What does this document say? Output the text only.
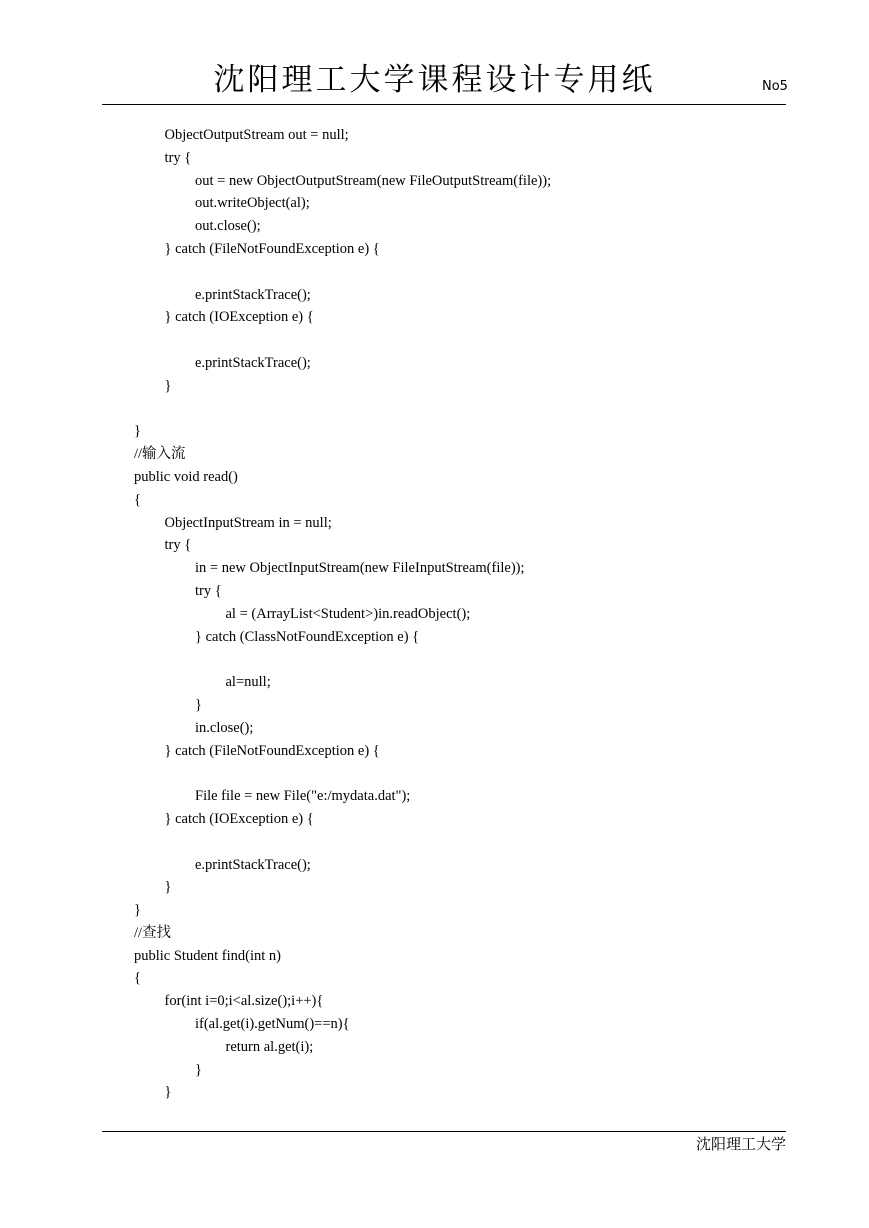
沈阳理工大学课程设计专用纸	No5
ObjectOutputStream out = null;
try {
out = new ObjectOutputStream(new FileOutputStream(file));
out.writeObject(al);
out.close();
} catch (FileNotFoundException e) {
e.printStackTrace();
} catch (IOException e) {
e.printStackTrace();
}
}
//输入流
public void read()
{
ObjectInputStream in = null;
try {
in = new ObjectInputStream(new FileInputStream(file));
try {
al = (ArrayList<Student>)in.readObject();
} catch (ClassNotFoundException e) {
al=null;
}
in.close();
} catch (FileNotFoundException e) {
File file = new File("e:/mydata.dat");
} catch (IOException e) {
e.printStackTrace();
}
}
//查找
public Student find(int n)
{
for(int i=0;i<al.size();i++){
if(al.get(i).getNum()==n){
return al.get(i);
}
}
沈阳理工大学
